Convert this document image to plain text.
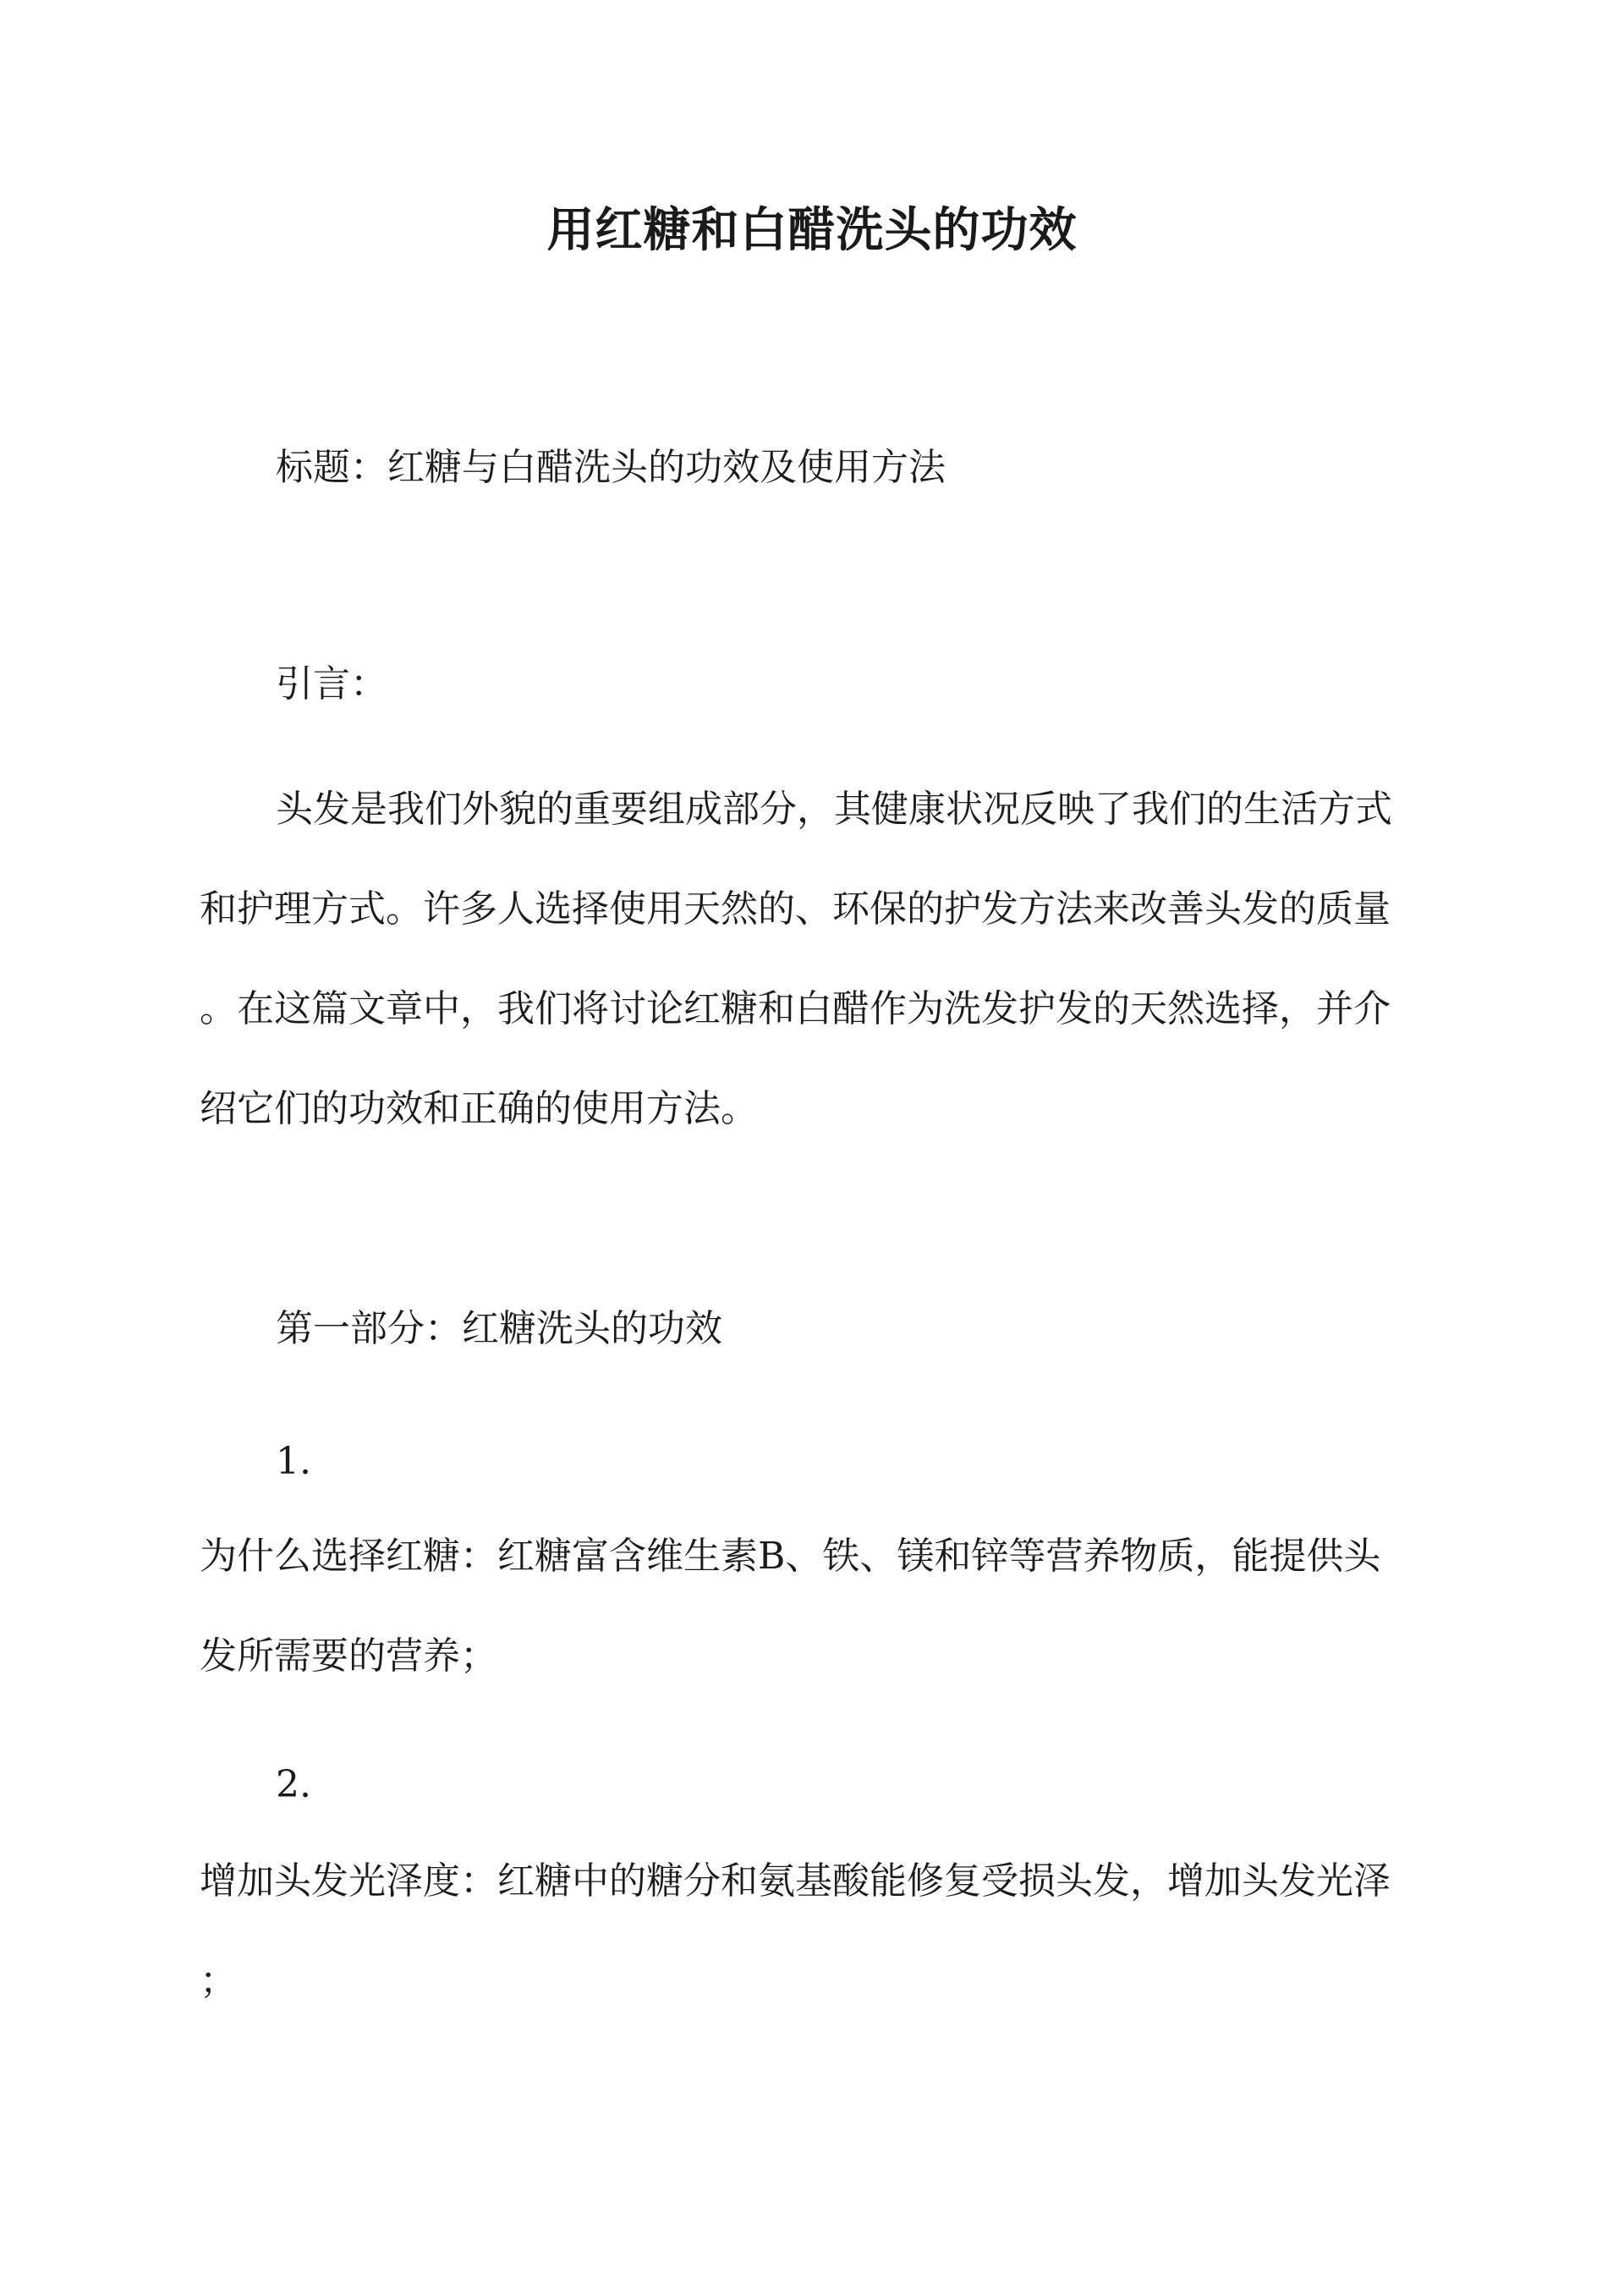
用红糖和白醋洗头的功效
标题：红糖与白醋洗头的功效及使用方法
引言：
头发是我们外貌的重要组成部分，其健康状况反映了我们的生活方式
和护理方式。许多人选择使用天然的、环保的护发方法来改善头发的质量
。在这篇文章中，我们将讨论红糖和白醋作为洗发护发的天然选择，并介
绍它们的功效和正确的使用方法。
第一部分：红糖洗头的功效
1.
为什么选择红糖：红糖富含维生素B、铁、镁和锌等营养物质，能提供头
发所需要的营养；
2.
增加头发光泽度：红糖中的糖分和氨基酸能修复受损头发，增加头发光泽
；
